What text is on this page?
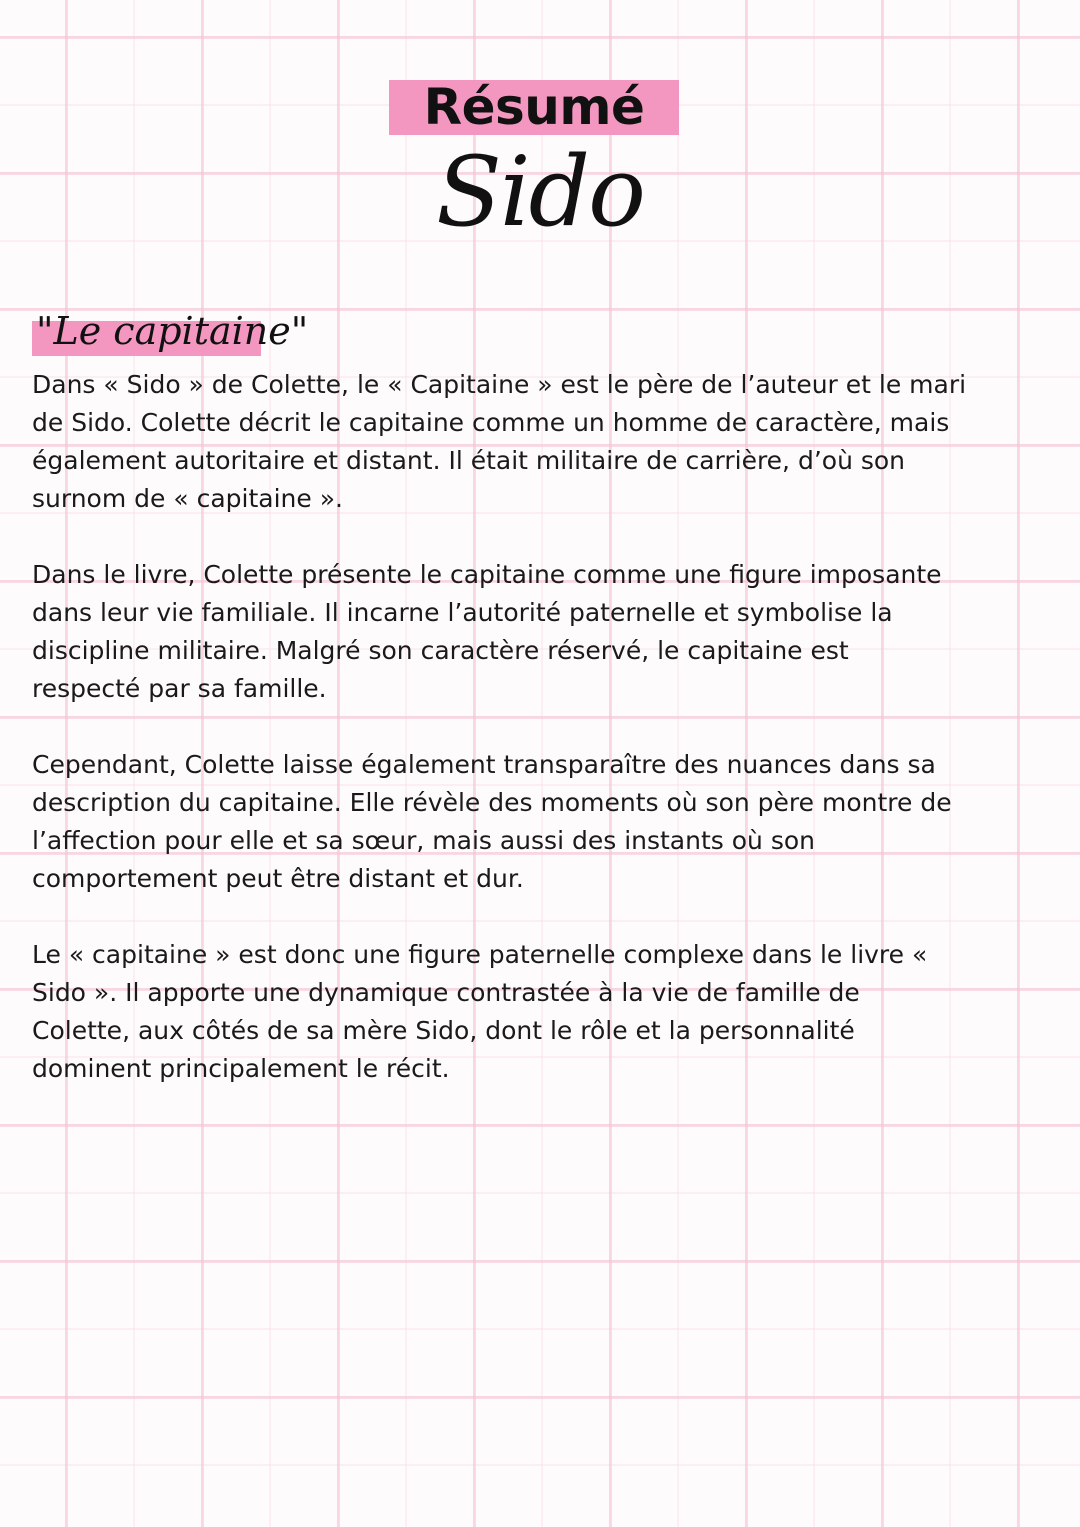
Résumé
Sido
"Le capitaine"

Dans « Sido » de Colette, le « Capitaine » est le père de l’auteur et le mari
de Sido. Colette décrit le capitaine comme un homme de caractère, mais
également autoritaire et distant. Il était militaire de carrière, d’où son
surnom de « capitaine ».

Dans le livre, Colette présente le capitaine comme une figure imposante
dans leur vie familiale. Il incarne l’autorité paternelle et symbolise la
discipline militaire. Malgré son caractère réservé, le capitaine est
respecté par sa famille.

Cependant, Colette laisse également transparaître des nuances dans sa
description du capitaine. Elle révèle des moments où son père montre de
l’affection pour elle et sa sœur, mais aussi des instants où son
comportement peut être distant et dur.

Le « capitaine » est donc une figure paternelle complexe dans le livre «
Sido ». Il apporte une dynamique contrastée à la vie de famille de
Colette, aux côtés de sa mère Sido, dont le rôle et la personnalité
dominent principalement le récit.
